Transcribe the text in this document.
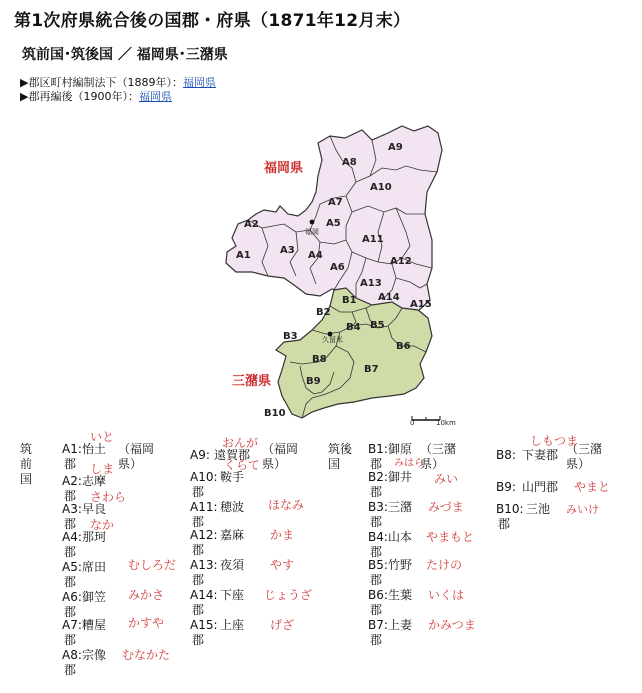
第1次府県統合後の国郡・府県（1871年12月末）
筑前国･筑後国 ／ 福岡県･三潴県
▶郡区町村編制法下（1889年）：福岡県
▶郡再編後（1900年）：福岡県
0	10km
福岡
久留米
福岡県
三潴県
A1
A2
A3 A4
A5
A6
A7
A8
A9
A10
A11
A12
A13
A14
A15
B1
B2
B3
B4 B5
B6
B7
B8
B9
B10
筑前国
筑後国
（福岡県）
（福岡県）
（三潴県）
（三潴県）
A1:怡土
郡
いと
A2:志摩
郡
しま
A3:早良
郡
さわら
A4:那珂
郡
なか
A5:席田
郡
むしろだ
A6:御笠
郡
みかさ
A7:糟屋
郡
かすや
A8:宗像
郡
むなかた
A9: 遠賀郡
おんが
A10: 鞍手
郡
くらて
A11: 穂波
郡
ほなみ
A12: 嘉麻
郡
かま
A13: 夜須
郡
やす
A14: 下座
郡
じょうざ
A15: 上座
郡
げざ
B1:御原
郡	みはら
B2:御井
郡
みい
B3:三潴
郡
みづま
B4:山本
郡
やまもと
B5:竹野
郡
たけの
B6:生葉
郡
いくは
B7:上妻
郡
かみつま
B8: 下妻郡
しもつま
B9: 山門郡 やまと
B10: 三池
郡
みいけ
